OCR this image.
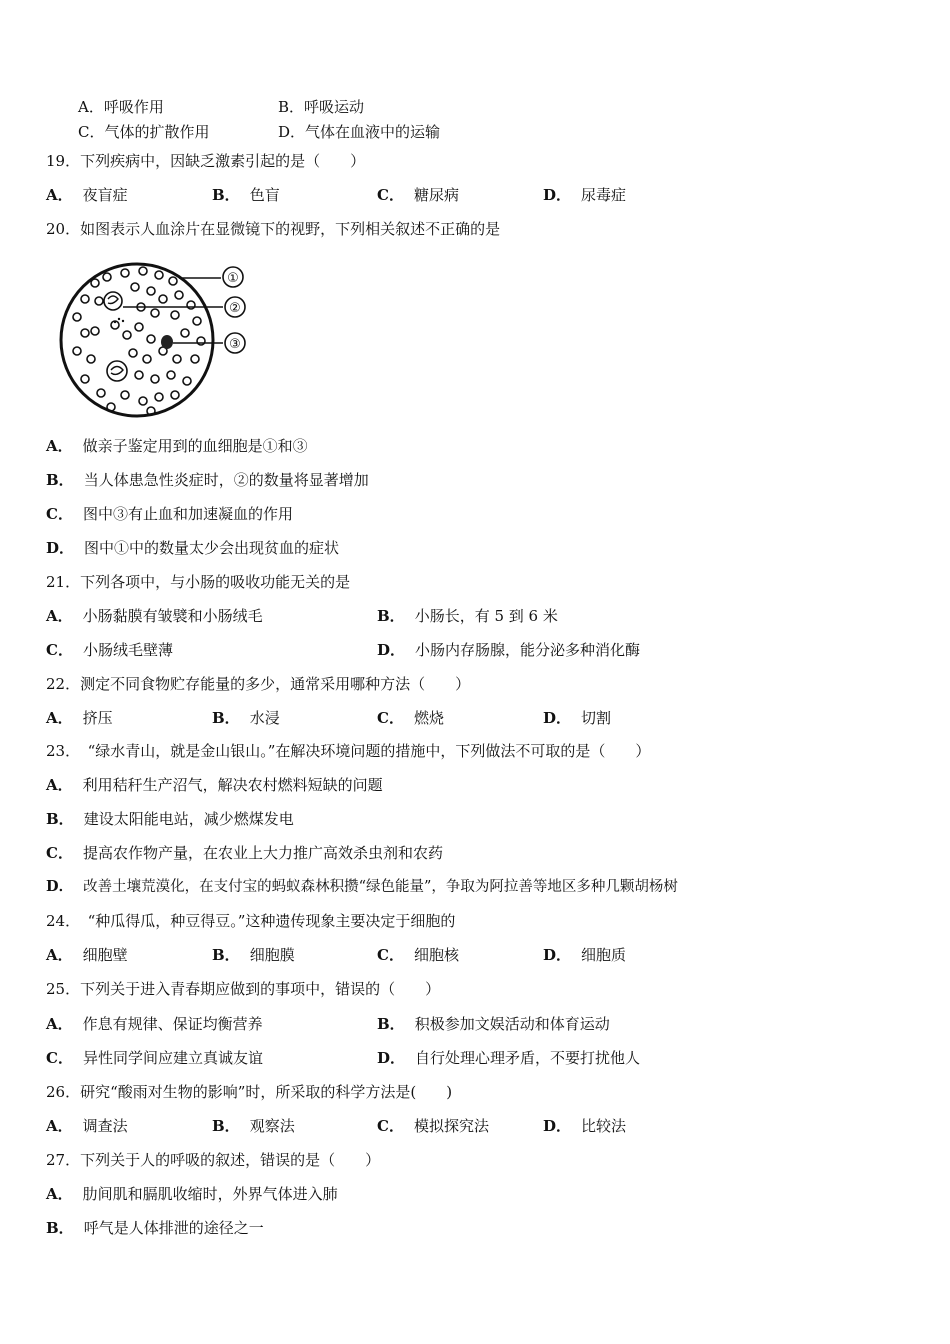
A．呼吸作用	B．呼吸运动
C．气体的扩散作用	D．气体在血液中的运输
19．下列疾病中，因缺乏激素引起的是（　　）
A． 夜盲症	B． 色盲	C． 糖尿病	D． 尿毒症
20．如图表示人血涂片在显微镜下的视野，下列相关叙述不正确的是
①
②
③
A． 做亲子鉴定用到的血细胞是①和③
B． 当人体患急性炎症时，②的数量将显著增加
C． 图中③有止血和加速凝血的作用
D． 图中①中的数量太少会出现贫血的症状
21．下列各项中，与小肠的吸收功能无关的是
A． 小肠黏膜有皱襞和小肠绒毛	B． 小肠长，有 5 到 6 米
C． 小肠绒毛壁薄	D． 小肠内存肠腺，能分泌多种消化酶
22．测定不同食物贮存能量的多少，通常采用哪种方法（　　）
A． 挤压	B． 水浸	C． 燃烧	D． 切割
23．　“绿水青山，就是金山银山。”在解决环境问题的措施中，下列做法不可取的是（　　）
A． 利用秸秆生产沼气，解决农村燃料短缺的问题
B． 建设太阳能电站，减少燃煤发电
C． 提高农作物产量，在农业上大力推广高效杀虫剂和农药
D． 改善土壤荒漠化，在支付宝的蚂蚁森林积攒“绿色能量”，争取为阿拉善等地区多种几颗胡杨树
24．　“种瓜得瓜，种豆得豆。”这种遗传现象主要决定于细胞的
A． 细胞壁	B． 细胞膜	C． 细胞核	D． 细胞质
25．下列关于进入青春期应做到的事项中，错误的（　　）
A． 作息有规律、保证均衡营养	B． 积极参加文娱活动和体育运动
C． 异性同学间应建立真诚友谊	D． 自行处理心理矛盾，不要打扰他人
26．研究“酸雨对生物的影响”时，所采取的科学方法是(　　)
A． 调查法	B． 观察法	C． 模拟探究法	D． 比较法
27．下列关于人的呼吸的叙述，错误的是（　　）
A． 肋间肌和膈肌收缩时，外界气体进入肺
B． 呼气是人体排泄的途径之一
